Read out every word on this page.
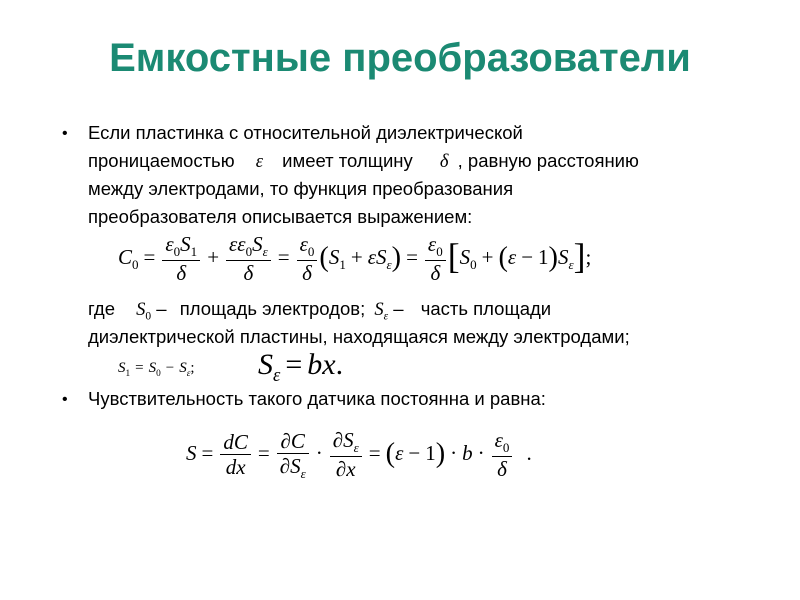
Емкостные преобразователи
• Если пластинка с относительной диэлектрической
проницаемостью ε имеет толщину δ , равную расстоянию
между электродами, то функция преобразования
преобразователя описывается выражением:
$C_0 = \frac{\varepsilon_0S_1}{\delta} + \frac{\varepsilon\varepsilon_0S_\varepsilon}{\delta} = \frac{\varepsilon_0}{\delta} (S_1 + \varepsilon S_\varepsilon) = \frac{\varepsilon_0}{\delta} [S_0 + (\varepsilon - 1)S_\varepsilon]$;
где $S_0$ – площадь электродов; $S_\varepsilon$ – часть площади
диэлектрической пластины, находящаяся между электродами;
$S_1 = S_0 - S_\varepsilon$; $S_\varepsilon$ = bx.
• Чувствительность такого датчика постоянна и равна:
$S = \frac{dC}{dx} = \frac{\partial C}{\partial S_\varepsilon} \cdot \frac{\partial S_\varepsilon}{\partial x} = (\varepsilon - 1) \cdot b \cdot \frac{\varepsilon_0}{\delta}$ .
